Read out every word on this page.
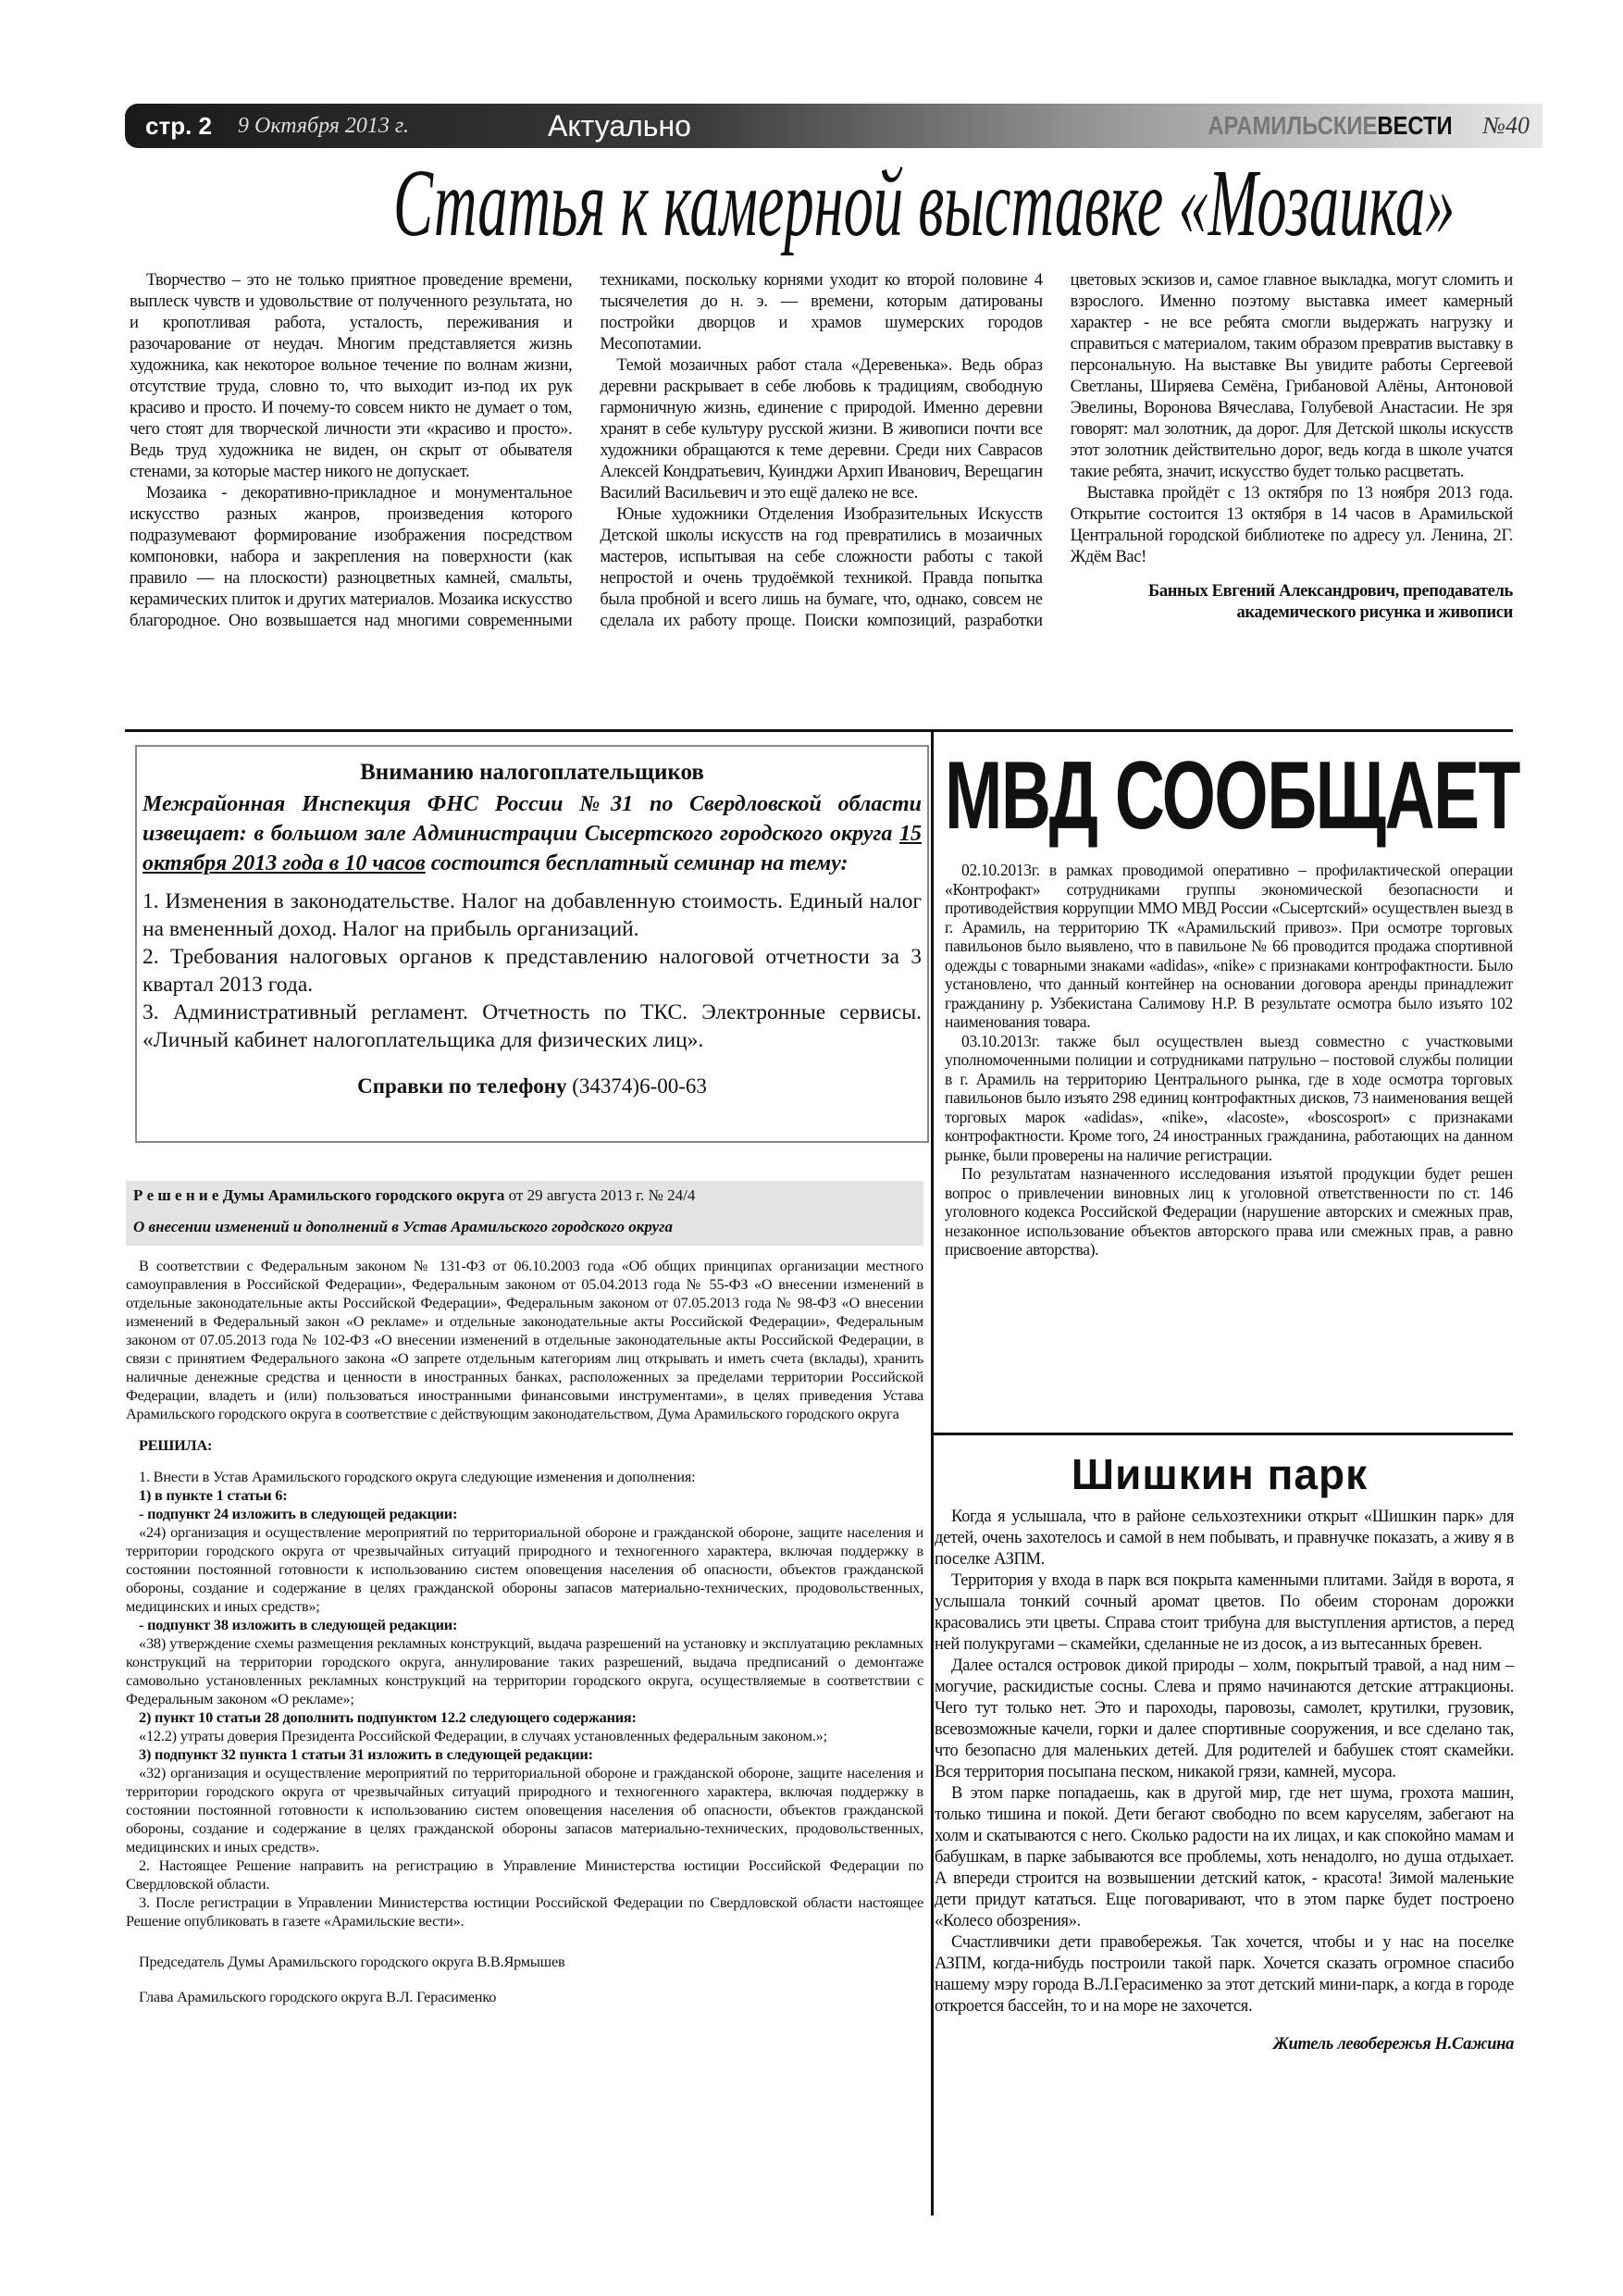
стр. 2 9 Октября 2013 г.	Актуально	АРАМИЛЬСКИЕВЕСТИ №40
Статья к камерной выставке «Мозаика»

Творчество – это не только приятное проведение времени, выплеск чувств и удовольствие от полученного результата, но и кропотливая работа, усталость, переживания и разочарование от неудач. Многим представляется жизнь художника, как некоторое вольное течение по волнам жизни, отсутствие труда, словно то, что выходит из-под их рук красиво и просто. И почему-то совсем никто не думает о том, чего стоят для творческой личности эти «красиво и просто». Ведь труд художника не виден, он скрыт от обывателя стенами, за которые мастер никого не допускает.

Мозаика - декоративно-прикладное и монументальное искусство разных жанров, произведения которого подразумевают формирование изображения посредством компоновки, набора и закрепления на поверхности (как правило — на плоскости) разноцветных камней, смальты, керамических плиток и других материалов. Мозаика искусство благородное. Оно возвышается над многими современными техниками, поскольку корнями уходит ко второй половине 4 тысячелетия до н. э. — времени, которым датированы постройки дворцов и храмов шумерских городов Месопотамии.

Темой мозаичных работ стала «Деревенька». Ведь образ деревни раскрывает в себе любовь к традициям, свободную гармоничную жизнь, единение с природой. Именно деревни хранят в себе культуру русской жизни. В живописи почти все художники обращаются к теме деревни. Среди них Саврасов Алексей Кондратьевич, Куинджи Архип Иванович, Верещагин Василий Васильевич и это ещё далеко не все.

Юные художники Отделения Изобразительных Искусств Детской школы искусств на год превратились в мозаичных мастеров, испытывая на себе сложности работы с такой непростой и очень трудоёмкой техникой. Правда попытка была пробной и всего лишь на бумаге, что, однако, совсем не сделала их работу проще. Поиски композиций, разработки цветовых эскизов и, самое главное выкладка, могут сломить и взрослого. Именно поэтому выставка имеет камерный характер - не все ребята смогли выдержать нагрузку и справиться с материалом, таким образом превратив выставку в персональную. На выставке Вы увидите работы Сергеевой Светланы, Ширяева Семёна, Грибановой Алёны, Антоновой Эвелины, Воронова Вячеслава, Голубевой Анастасии. Не зря говорят: мал золотник, да дорог. Для Детской школы искусств этот золотник действительно дорог, ведь когда в школе учатся такие ребята, значит, искусство будет только расцветать.

Выставка пройдёт с 13 октября по 13 ноября 2013 года. Открытие состоится 13 октября в 14 часов в Арамильской Центральной городской библиотеке по адресу ул. Ленина, 2Г. Ждём Вас!

Банных Евгений Александрович, преподаватель академического рисунка и живописи

Вниманию налогоплательщиков
Межрайонная Инспекция ФНС России №31 по Свердловской области извещает: в большом зале Администрации Сысертского городского округа 15 октября 2013 года в 10 часов состоится бесплатный семинар на тему:
1. Изменения в законодательстве. Налог на добавленную стоимость. Единый налог на вмененный доход. Налог на прибыль организаций.
2. Требования налоговых органов к представлению налоговой отчетности за 3 квартал 2013 года.
3. Административный регламент. Отчетность по ТКС. Электронные сервисы. «Личный кабинет налогоплательщика для физических лиц».
Справки по телефону (34374)6-00-63
Р е ш е н и е Думы Арамильского городского округа от 29 августа 2013 г. № 24/4
О внесении изменений и дополнений в Устав Арамильского городского округа

В соответствии с Федеральным законом № 131-ФЗ от 06.10.2003 года «Об общих принципах организации местного самоуправления в Российской Федерации», Федеральным законом от 05.04.2013 года № 55-ФЗ «О внесении изменений в отдельные законодательные акты Российской Федерации», Федеральным законом от 07.05.2013 года № 98-ФЗ «О внесении изменений в Федеральный закон «О рекламе» и отдельные законодательные акты Российской Федерации», Федеральным законом от 07.05.2013 года № 102-ФЗ «О внесении изменений в отдельные законодательные акты Российской Федерации, в связи с принятием Федерального закона «О запрете отдельным категориям лиц открывать и иметь счета (вклады), хранить наличные денежные средства и ценности в иностранных банках, расположенных за пределами территории Российской Федерации, владеть и (или) пользоваться иностранными финансовыми инструментами», в целях приведения Устава Арамильского городского округа в соответствие с действующим законодательством, Дума Арамильского городского округа

РЕШИЛА:

1. Внести в Устав Арамильского городского округа следующие изменения и дополнения:

1) в пункте 1 статьи 6:

- подпункт 24 изложить в следующей редакции:

«24) организация и осуществление мероприятий по территориальной обороне и гражданской обороне, защите населения и территории городского округа от чрезвычайных ситуаций природного и техногенного характера, включая поддержку в состоянии постоянной готовности к использованию систем оповещения населения об опасности, объектов гражданской обороны, создание и содержание в целях гражданской обороны запасов материально-технических, продовольственных, медицинских и иных средств»;

- подпункт 38 изложить в следующей редакции:

«38) утверждение схемы размещения рекламных конструкций, выдача разрешений на установку и эксплуатацию рекламных конструкций на территории городского округа, аннулирование таких разрешений, выдача предписаний о демонтаже самовольно установленных рекламных конструкций на территории городского округа, осуществляемые в соответствии с Федеральным законом «О рекламе»;

2) пункт 10 статьи 28 дополнить подпунктом 12.2 следующего содержания:

«12.2) утраты доверия Президента Российской Федерации, в случаях установленных федеральным законом.»;

3) подпункт 32 пункта 1 статьи 31 изложить в следующей редакции:

«32) организация и осуществление мероприятий по территориальной обороне и гражданской обороне, защите населения и территории городского округа от чрезвычайных ситуаций природного и техногенного характера, включая поддержку в состоянии постоянной готовности к использованию систем оповещения населения об опасности, объектов гражданской обороны, создание и содержание в целях гражданской обороны запасов материально-технических, продовольственных, медицинских и иных средств».

2. Настоящее Решение направить на регистрацию в Управление Министерства юстиции Российской Федерации по Свердловской области.

3. После регистрации в Управлении Министерства юстиции Российской Федерации по Свердловской области настоящее Решение опубликовать в газете «Арамильские вести».

Председатель Думы Арамильского городского округа В.В.Ярмышев

Глава Арамильского городского округа В.Л. Герасименко

МВД СООБЩАЕТ

02.10.2013г. в рамках проводимой оперативно – профилактической операции «Контрофакт» сотрудниками группы экономической безопасности и противодействия коррупции ММО МВД России «Сысертский» осуществлен выезд в г. Арамиль, на территорию ТК «Арамильский привоз». При осмотре торговых павильонов было выявлено, что в павильоне № 66 проводится продажа спортивной одежды с товарными знаками «adidas», «nike» с признаками контрофактности. Было установлено, что данный контейнер на основании договора аренды принадлежит гражданину р. Узбекистана Салимову Н.Р. В результате осмотра было изъято 102 наименования товара.

03.10.2013г. также был осуществлен выезд совместно с участковыми уполномоченными полиции и сотрудниками патрульно – постовой службы полиции в г. Арамиль на территорию Центрального рынка, где в ходе осмотра торговых павильонов было изъято 298 единиц контрофактных дисков, 73 наименования вещей торговых марок «adidas», «nike», «lacoste», «boscosport» с признаками контрофактности. Кроме того, 24 иностранных гражданина, работающих на данном рынке, были проверены на наличие регистрации.

По результатам назначенного исследования изъятой продукции будет решен вопрос о привлечении виновных лиц к уголовной ответственности по ст. 146 уголовного кодекса Российской Федерации (нарушение авторских и смежных прав, незаконное использование объектов авторского права или смежных прав, а равно присвоение авторства).

Шишкин парк

Когда я услышала, что в районе сельхозтехники открыт «Шишкин парк» для детей, очень захотелось и самой в нем побывать, и правнучке показать, а живу я в поселке АЗПМ.

Территория у входа в парк вся покрыта каменными плитами. Зайдя в ворота, я услышала тонкий сочный аромат цветов. По обеим сторонам дорожки красовались эти цветы. Справа стоит трибуна для выступления артистов, а перед ней полукругами – скамейки, сделанные не из досок, а из вытесанных бревен.

Далее остался островок дикой природы – холм, покрытый травой, а над ним – могучие, раскидистые сосны. Слева и прямо начинаются детские аттракционы. Чего тут только нет. Это и пароходы, паровозы, самолет, крутилки, грузовик, всевозможные качели, горки и далее спортивные сооружения, и все сделано так, что безопасно для маленьких детей. Для родителей и бабушек стоят скамейки. Вся территория посыпана песком, никакой грязи, камней, мусора.

В этом парке попадаешь, как в другой мир, где нет шума, грохота машин, только тишина и покой. Дети бегают свободно по всем каруселям, забегают на холм и скатываются с него. Сколько радости на их лицах, и как спокойно мамам и бабушкам, в парке забываются все проблемы, хоть ненадолго, но душа отдыхает. А впереди строится на возвышении детский каток, - красота! Зимой маленькие дети придут кататься. Еще поговаривают, что в этом парке будет построено «Колесо обозрения».

Счастливчики дети правобережья. Так хочется, чтобы и у нас на поселке АЗПМ, когда-нибудь построили такой парк. Хочется сказать огромное спасибо нашему мэру города В.Л.Герасименко за этот детский мини-парк, а когда в городе откроется бассейн, то и на море не захочется.

Житель левобережья Н.Сажина
